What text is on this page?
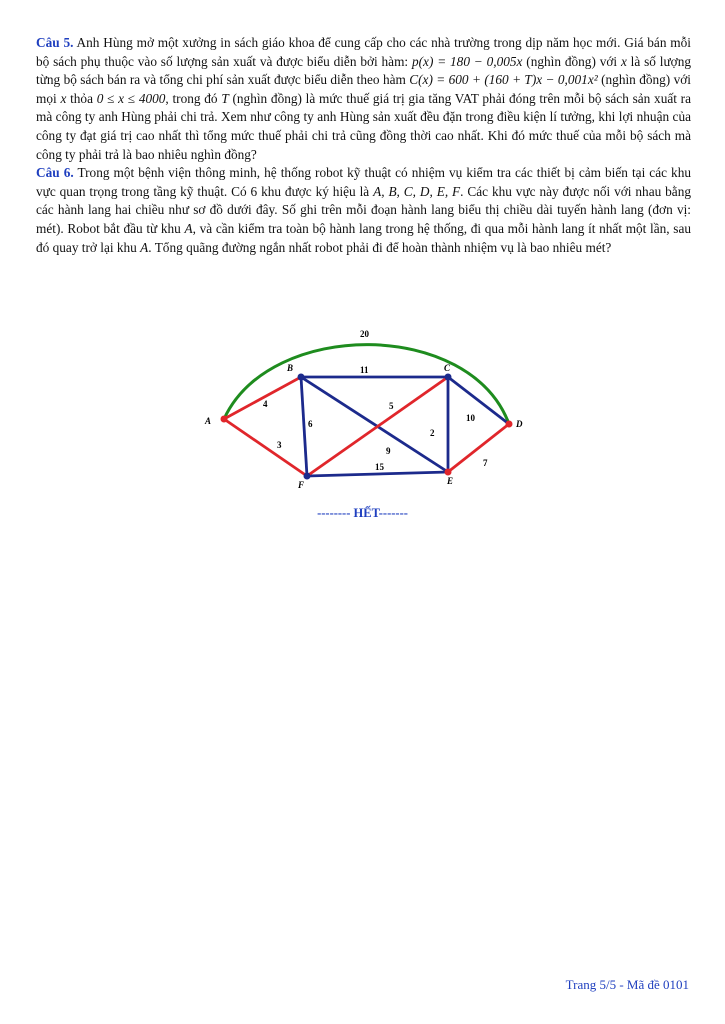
Câu 5. Anh Hùng mở một xưởng in sách giáo khoa để cung cấp cho các nhà trường trong dịp năm học mới. Giá bán mỗi bộ sách phụ thuộc vào số lượng sản xuất và được biểu diễn bởi hàm: p(x) = 180 − 0,005x (nghìn đồng) với x là số lượng từng bộ sách bán ra và tổng chi phí sản xuất được biểu diễn theo hàm C(x) = 600 + (160 + T)x − 0,001x² (nghìn đồng) với mọi x thỏa 0 ≤ x ≤ 4000, trong đó T (nghìn đồng) là mức thuế giá trị gia tăng VAT phải đóng trên mỗi bộ sách sản xuất ra mà công ty anh Hùng phải chi trả. Xem như công ty anh Hùng sản xuất đều đặn trong điều kiện lí tưởng, khi lợi nhuận của công ty đạt giá trị cao nhất thì tổng mức thuế phải chi trả cũng đồng thời cao nhất. Khi đó mức thuế của mỗi bộ sách mà công ty phải trả là bao nhiêu nghìn đồng?

Câu 6. Trong một bệnh viện thông minh, hệ thống robot kỹ thuật có nhiệm vụ kiểm tra các thiết bị cảm biến tại các khu vực quan trọng trong tầng kỹ thuật. Có 6 khu được ký hiệu là A, B, C, D, E, F. Các khu vực này được nối với nhau bằng các hành lang hai chiều như sơ đồ dưới đây. Số ghi trên mỗi đoạn hành lang biểu thị chiều dài tuyến hành lang (đơn vị: mét). Robot bắt đầu từ khu A, và cần kiểm tra toàn bộ hành lang trong hệ thống, đi qua mỗi hành lang ít nhất một lần, sau đó quay trở lại khu A. Tổng quãng đường ngắn nhất robot phải đi để hoàn thành nhiệm vụ là bao nhiêu mét?

A
B	C
D
E
F
20
11
4
3
6
5
2
9
15
10
7
-------- HẾT-------
Trang 5/5 - Mã đề 0101
